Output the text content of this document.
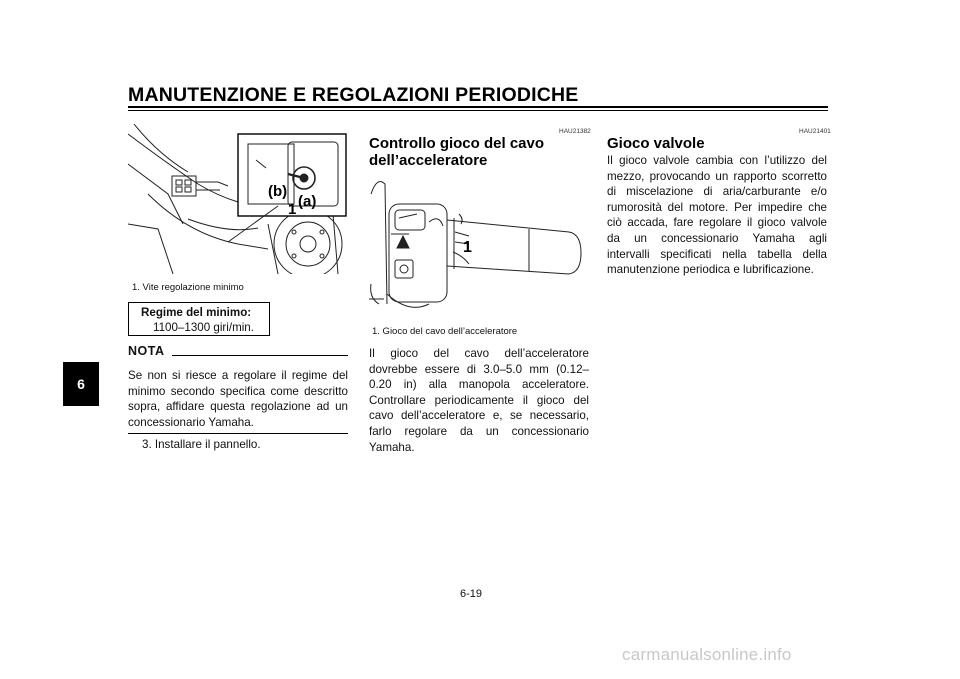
MANUTENZIONE E REGOLAZIONI PERIODICHE
6
(b)
(a)
1
1. Vite regolazione minimo
Regime del minimo:
1100–1300 giri/min.
NOTA
Se non si riesce a regolare il regime del minimo secondo specifica come descritto sopra, affidare questa regolazione ad un concessionario Yamaha.
3. Installare il pannello.
HAU21382
Controllo gioco del cavo
dell’acceleratore
1
1. Gioco del cavo dell’acceleratore
Il gioco del cavo dell’acceleratore dovrebbe essere di 3.0–5.0 mm (0.12–0.20 in) alla manopola acceleratore. Controllare periodicamente il gioco del cavo dell’acceleratore e, se necessario, farlo regolare da un concessionario Yamaha.
HAU21401
Gioco valvole
Il gioco valvole cambia con l’utilizzo del mezzo, provocando un rapporto scorretto di miscelazione di aria/carburante e/o rumorosità del motore. Per impedire che ciò accada, fare regolare il gioco valvole da un concessionario Yamaha agli intervalli specificati nella tabella della manutenzione periodica e lubrificazione.
6-19
carmanualsonline.info
